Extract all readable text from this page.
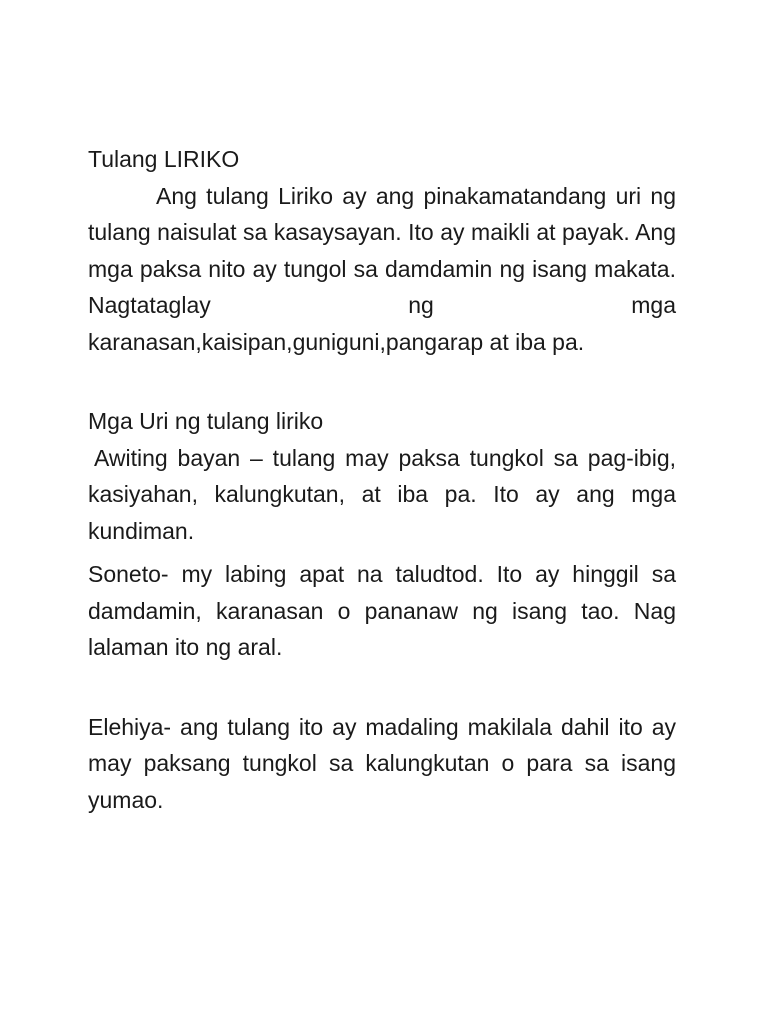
Tulang LIRIKO

Ang tulang Liriko ay ang pinakamatandang uri ng tulang naisulat sa kasaysayan. Ito ay maikli at payak. Ang mga paksa nito ay tungol sa damdamin ng isang makata. Nagtataglay ng mga karanasan,kaisipan,guniguni,pangarap at iba pa.

Mga Uri ng tulang liriko

Awiting bayan – tulang may paksa tungkol sa pag-ibig, kasiyahan, kalungkutan, at iba pa. Ito ay ang mga kundiman.

Soneto- my labing apat na taludtod. Ito ay hinggil sa damdamin, karanasan o pananaw ng isang tao. Nag lalaman ito ng aral.

Elehiya- ang tulang ito ay madaling makilala dahil ito ay may paksang tungkol sa kalungkutan o para sa isang yumao.
